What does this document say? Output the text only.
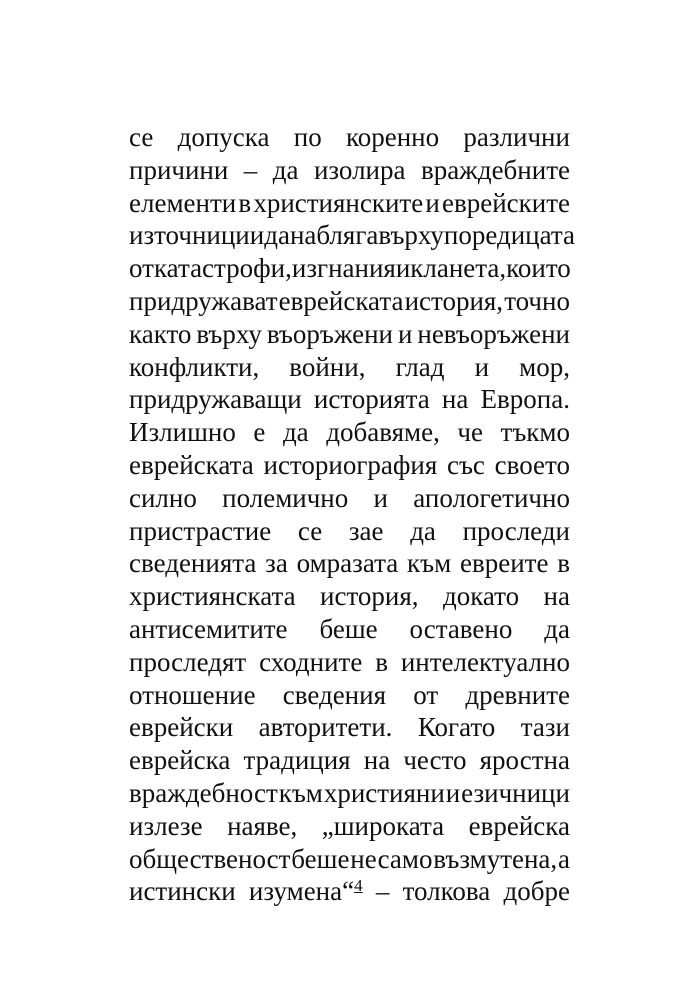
се допуска по коренно различни
причини – да изолира враждебните
елементи в християнските и еврейските
източници и да набляга върху поредицата
от катастрофи, изгнания и кланета, които
придружават еврейската история, точно
както върху въоръжени и невъоръжени
конфликти, войни, глад и мор,
придружаващи историята на Европа.
Излишно е да добавяме, че тъкмо
еврейската историография със своето
силно полемично и апологетично
пристрастие се зае да проследи
сведенията за омразата към евреите в
християнската история, докато на
антисемитите беше оставено да
проследят сходните в интелектуално
отношение сведения от древните
еврейски авторитети. Когато тази
еврейска традиция на често яростна
враждебност към християни и езичници
излезе наяве, „широката еврейска
общественост беше не само възмутена, а
истински изумена“4 – толкова добре
